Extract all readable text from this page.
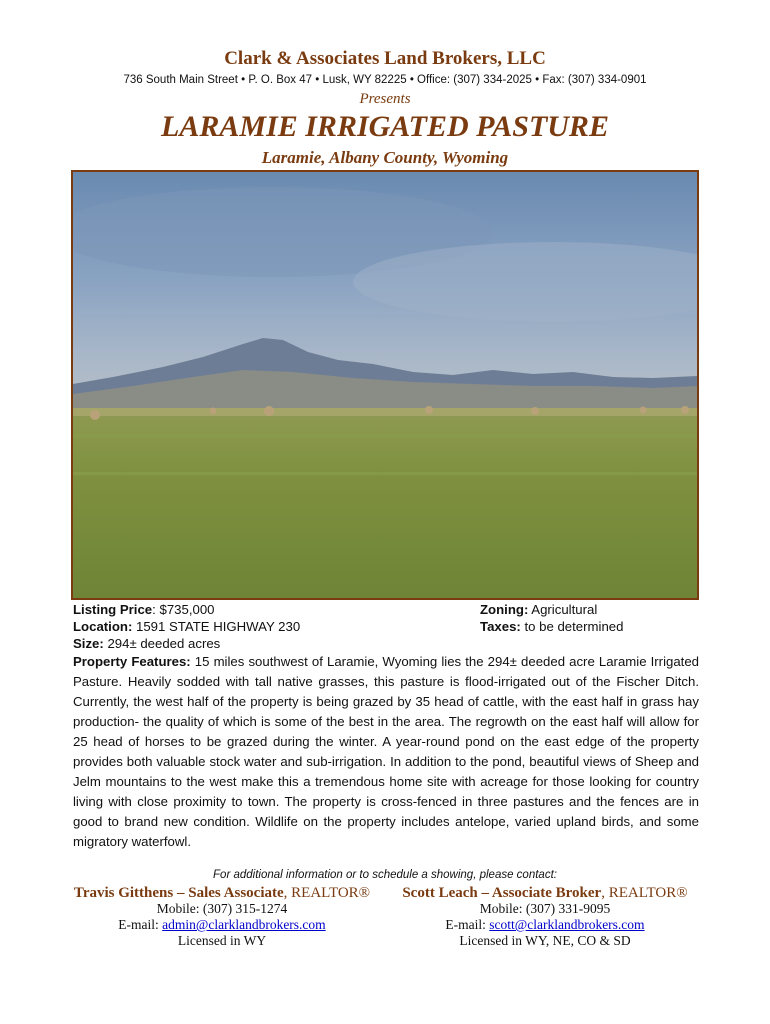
Clark & Associates Land Brokers, LLC
736 South Main Street • P. O. Box 47 • Lusk, WY 82225 • Office: (307) 334-2025 • Fax: (307) 334-0901
Presents
LARAMIE IRRIGATED PASTURE
Laramie, Albany County, Wyoming
Listing Price: $735,000	Zoning: Agricultural
Location: 1591 STATE HIGHWAY 230	Taxes: to be determined
Size: 294± deeded acres
Property Features: 15 miles southwest of Laramie, Wyoming lies the 294± deeded acre Laramie Irrigated Pasture. Heavily sodded with tall native grasses, this pasture is flood-irrigated out of the Fischer Ditch. Currently, the west half of the property is being grazed by 35 head of cattle, with the east half in grass hay production- the quality of which is some of the best in the area. The regrowth on the east half will allow for 25 head of horses to be grazed during the winter. A year-round pond on the east edge of the property provides both valuable stock water and sub-irrigation. In addition to the pond, beautiful views of Sheep and Jelm mountains to the west make this a tremendous home site with acreage for those looking for country living with close proximity to town. The property is cross-fenced in three pastures and the fences are in good to brand new condition. Wildlife on the property includes antelope, varied upland birds, and some migratory waterfowl.
For additional information or to schedule a showing, please contact:
Travis Gitthens – Sales Associate, REALTOR®
Mobile: (307) 315-1274
E-mail: admin@clarklandbrokers.com
Licensed in WY
Scott Leach – Associate Broker, REALTOR®
Mobile: (307) 331-9095
E-mail: scott@clarklandbrokers.com
Licensed in WY, NE, CO & SD
